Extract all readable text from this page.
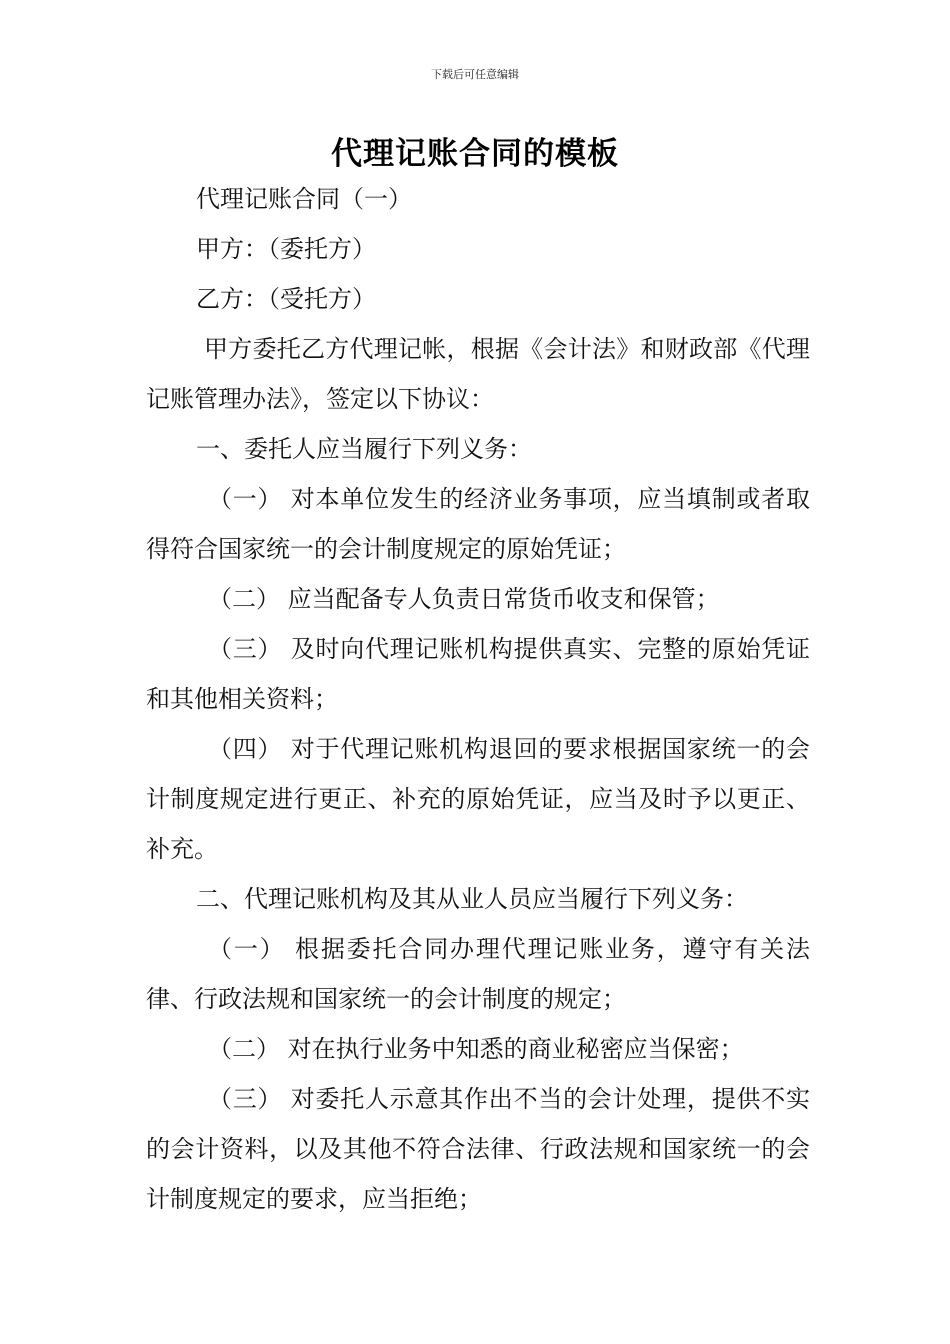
下载后可任意编辑
代理记账合同的模板

代理记账合同（一）

甲方：（委托方）

乙方：（受托方）

甲方委托乙方代理记帐，根据《会计法》和财政部《代理记账管理办法》，签定以下协议：

一、委托人应当履行下列义务：

（一） 对本单位发生的经济业务事项，应当填制或者取得符合国家统一的会计制度规定的原始凭证；

（二） 应当配备专人负责日常货币收支和保管；

（三） 及时向代理记账机构提供真实、完整的原始凭证和其他相关资料；

（四） 对于代理记账机构退回的要求根据国家统一的会计制度规定进行更正、补充的原始凭证，应当及时予以更正、补充。

二、代理记账机构及其从业人员应当履行下列义务：

（一） 根据委托合同办理代理记账业务，遵守有关法律、行政法规和国家统一的会计制度的规定；

（二） 对在执行业务中知悉的商业秘密应当保密；

（三） 对委托人示意其作出不当的会计处理，提供不实的会计资料，以及其他不符合法律、行政法规和国家统一的会计制度规定的要求，应当拒绝；
